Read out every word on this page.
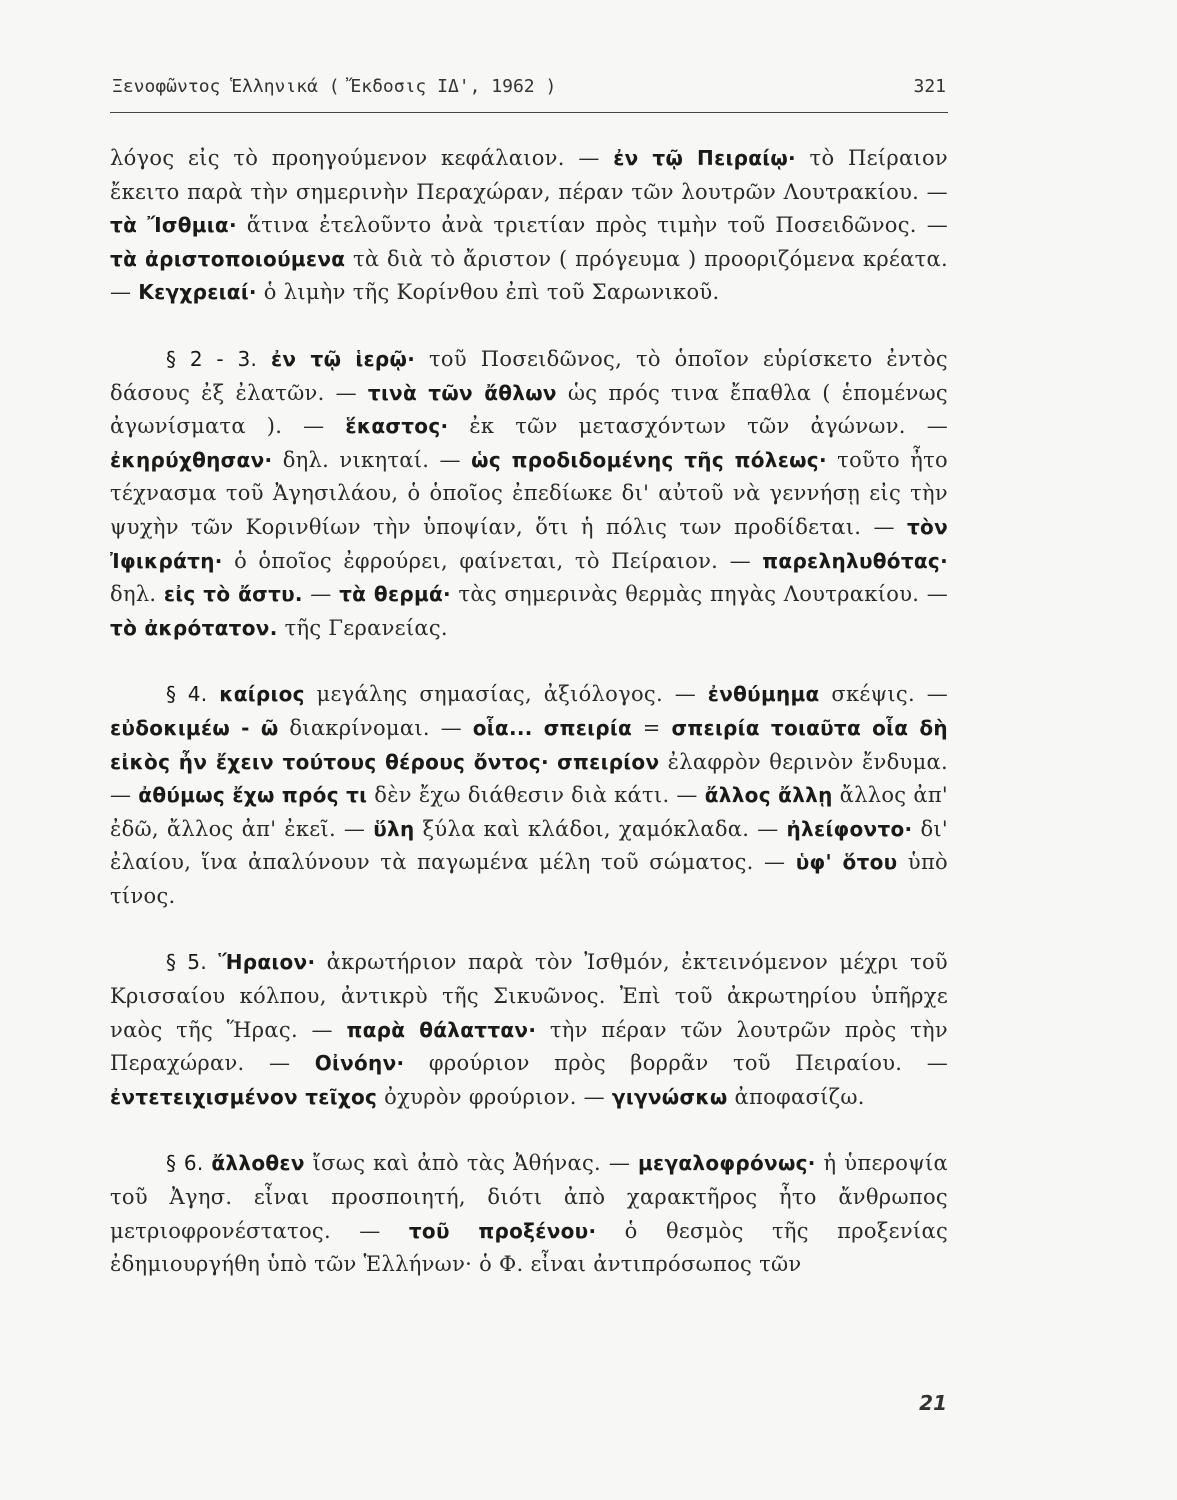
Ξενοφῶντος Ἑλληνικά ( Ἔκδοσις ΙΔ', 1962 )	321

λόγος εἰς τὸ προηγούμενον κεφάλαιον. — ἐν τῷ Πειραίῳ· τὸ Πείραιον ἔκειτο παρὰ τὴν σημερινὴν Περαχώραν, πέραν τῶν λουτρῶν Λουτρακίου. — τὰ Ἴσθμια· ἅτινα ἐτελοῦντο ἀνὰ τριετίαν πρὸς τιμὴν τοῦ Ποσειδῶνος. — τὰ ἀριστοποιούμενα τὰ διὰ τὸ ἄριστον ( πρόγευμα ) προοριζόμενα κρέατα. — Κεγχρειαί· ὁ λιμὴν τῆς Κορίνθου ἐπὶ τοῦ Σαρωνικοῦ.

§ 2 - 3. ἐν τῷ ἱερῷ· τοῦ Ποσειδῶνος, τὸ ὁποῖον εὑρίσκετο ἐντὸς δάσους ἐξ ἐλατῶν. — τινὰ τῶν ἄθλων ὡς πρός τινα ἔπαθλα ( ἑπομένως ἀγωνίσματα ). — ἕκαστος· ἐκ τῶν μετασχόντων τῶν ἀγώνων. — ἐκηρύχθησαν· δηλ. νικηταί. — ὡς προδιδομένης τῆς πόλεως· τοῦτο ἦτο τέχνασμα τοῦ Ἀγησιλάου, ὁ ὁποῖος ἐπεδίωκε δι' αὐτοῦ νὰ γεννήσῃ εἰς τὴν ψυχὴν τῶν Κορινθίων τὴν ὑποψίαν, ὅτι ἡ πόλις των προδίδεται. — τὸν Ἰφικράτη· ὁ ὁποῖος ἐφρούρει, φαίνεται, τὸ Πείραιον. — παρεληλυθότας· δηλ. εἰς τὸ ἄστυ. — τὰ θερμά· τὰς σημερινὰς θερμὰς πηγὰς Λουτρακίου. — τὸ ἀκρότατον. τῆς Γερανείας.

§ 4. καίριος μεγάλης σημασίας, ἀξιόλογος. — ἐνθύμημα σκέψις. — εὐδοκιμέω - ῶ διακρίνομαι. — οἷα... σπειρία = σπειρία τοιαῦτα οἷα δὴ εἰκὸς ἦν ἔχειν τούτους θέρους ὄντος· σπειρίον ἐλαφρὸν θερινὸν ἔνδυμα. — ἀθύμως ἔχω πρός τι δὲν ἔχω διάθεσιν διὰ κάτι. — ἄλλος ἄλλῃ ἄλλος ἀπ' ἐδῶ, ἄλλος ἀπ' ἐκεῖ. — ὕλη ξύλα καὶ κλάδοι, χαμόκλαδα. — ἠλείφοντο· δι' ἐλαίου, ἵνα ἀπαλύνουν τὰ παγωμένα μέλη τοῦ σώματος. — ὑφ' ὅτου ὑπὸ τίνος.

§ 5. Ἥραιον· ἀκρωτήριον παρὰ τὸν Ἰσθμόν, ἐκτεινόμενον μέχρι τοῦ Κρισσαίου κόλπου, ἀντικρὺ τῆς Σικυῶνος. Ἐπὶ τοῦ ἀκρωτηρίου ὑπῆρχε ναὸς τῆς Ἥρας. — παρὰ θάλατταν· τὴν πέραν τῶν λουτρῶν πρὸς τὴν Περαχώραν. — Οἰνόην· φρούριον πρὸς βορρᾶν τοῦ Πειραίου. — ἐντετειχισμένον τεῖχος ὀχυρὸν φρούριον. — γιγνώσκω ἀποφασίζω.

§ 6. ἄλλοθεν ἴσως καὶ ἀπὸ τὰς Ἀθήνας. — μεγαλοφρόνως· ἡ ὑπεροψία τοῦ Ἀγησ. εἶναι προσποιητή, διότι ἀπὸ χαρακτῆρος ἦτο ἄνθρωπος μετριοφρονέστατος. — τοῦ προξένου· ὁ θεσμὸς τῆς προξενίας ἐδημιουργήθη ὑπὸ τῶν Ἑλλήνων· ὁ Φ. εἶναι ἀντιπρόσωπος τῶν

21
